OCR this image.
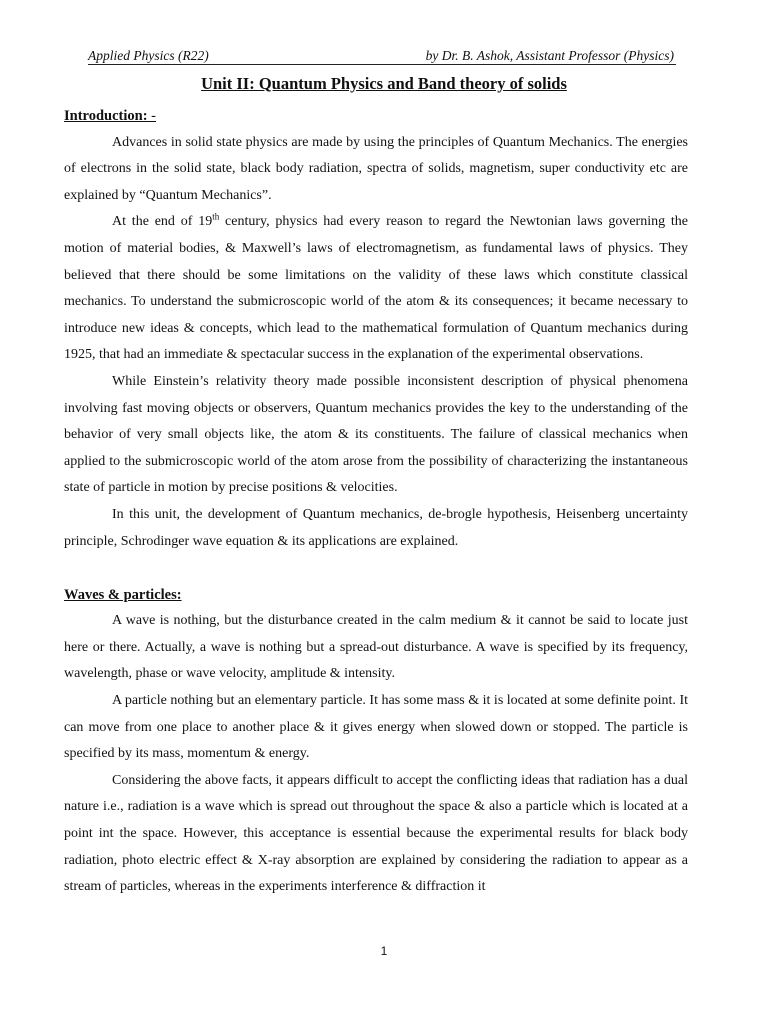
Applied Physics (R22)	by Dr. B. Ashok, Assistant Professor (Physics)
Unit II: Quantum Physics and Band theory of solids
Introduction: -

Advances in solid state physics are made by using the principles of Quantum Mechanics. The energies of electrons in the solid state, black body radiation, spectra of solids, magnetism, super conductivity etc are explained by “Quantum Mechanics”.

At the end of 19th century, physics had every reason to regard the Newtonian laws governing the motion of material bodies, & Maxwell’s laws of electromagnetism, as fundamental laws of physics. They believed that there should be some limitations on the validity of these laws which constitute classical mechanics. To understand the submicroscopic world of the atom & its consequences; it became necessary to introduce new ideas & concepts, which lead to the mathematical formulation of Quantum mechanics during 1925, that had an immediate & spectacular success in the explanation of the experimental observations.

While Einstein’s relativity theory made possible inconsistent description of physical phenomena involving fast moving objects or observers, Quantum mechanics provides the key to the understanding of the behavior of very small objects like, the atom & its constituents. The failure of classical mechanics when applied to the submicroscopic world of the atom arose from the possibility of characterizing the instantaneous state of particle in motion by precise positions & velocities.

In this unit, the development of Quantum mechanics, de-brogle hypothesis, Heisenberg uncertainty principle, Schrodinger wave equation & its applications are explained.

Waves & particles:

A wave is nothing, but the disturbance created in the calm medium & it cannot be said to locate just here or there. Actually, a wave is nothing but a spread-out disturbance. A wave is specified by its frequency, wavelength, phase or wave velocity, amplitude & intensity.

A particle nothing but an elementary particle. It has some mass & it is located at some definite point. It can move from one place to another place & it gives energy when slowed down or stopped. The particle is specified by its mass, momentum & energy.

Considering the above facts, it appears difficult to accept the conflicting ideas that radiation has a dual nature i.e., radiation is a wave which is spread out throughout the space & also a particle which is located at a point int the space. However, this acceptance is essential because the experimental results for black body radiation, photo electric effect & X-ray absorption are explained by considering the radiation to appear as a stream of particles, whereas in the experiments interference & diffraction it

1
